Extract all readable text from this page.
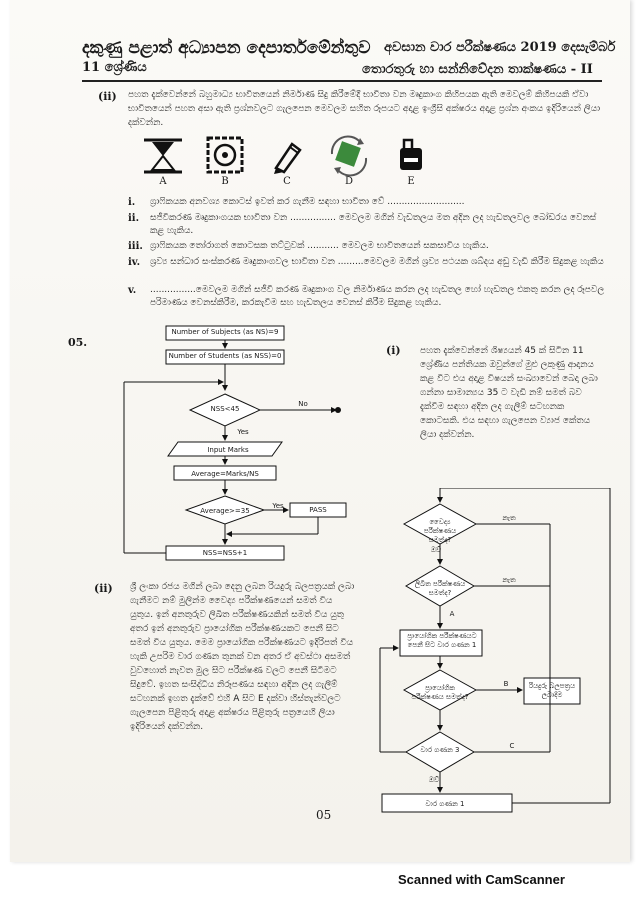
දකුණු පළාත් අධ්‍යාපන දෙපාර්තමේන්තුව
11 ශ්‍රේණිය
අවසාන වාර පරීක්ෂණය 2019 දෙසැම්බර්
තොරතුරු හා සන්නිවේදන තාක්ෂණය - II
(ii) පහත දැක්වෙන්නේ බහුමාධ්‍ය භාවිතයෙන් නිර්මාණ සිදු කිරීමේදී භාවිතා වන මෘදුකාංග කිහිපයක ඇති මෙවලම් කිහිපයකි ඒවා භාවිතයෙන් පහත අසා ඇති ප්‍රශ්නවලට ගැලපෙන මෙවලම සහිත රූපයට අදාළ ඉංග්‍රීසි අක්ෂරය අදාළ ප්‍රශ්න අංකය ඉදිරියෙන් ලියා දක්වන්න.
A	B	C	D	E
i. ග්‍රාෆිකයක අනවශ්‍ය කොටස් ඉවත් කර ගැනීම සඳහා භාවිතා වේ ...........................
ii. සජීවීකරණ මෘදුකාංගයක භාවිතා වන ................ මෙවලම මගින් වැඩතලය මත අදින ලද හැඩතලවල බෝඩරය වෙනස් කළ හැකිය.
iii. ග්‍රාෆිකයක තෝරාගත් කොටසක තට්ටුවක් ........... මෙවලම භාවිතයෙන් සකසාවිය හැකිය.
iv. ශ්‍රව්‍ය සන්ධාර සංස්කරණ මෘදුකාංගවල භාවිතා වන .........මෙවලම මගින් ශ්‍රව්‍ය පථයක ශබ්දය අඩු වැඩි කිරීම සිදුකළ හැකිය
v. ................මෙවලම මගින් සජීවී කරණ මෘදුකාංග වල නිර්මාණය කරන ලද හැඩතල හෝ හැඩතල එකතු කරන ලද රූපවල පරිමාණය වෙනස්කිරීම, කරකැවීම සහ හැඩතලය වෙනස් කිරීම සිදුකළ හැකිය.
05.
Number of Subjects (as NS)=9
Number of Students (as NSS)=0
NSS<45
No
Yes
Input Marks
Average=Marks/NS
Average>=35
Yes	PASS
NSS=NSS+1
(i) පහත දැක්වෙන්නේ ශිෂ්‍යයන් 45 ක් සිටින 11 ශ්‍රේණිය පන්තියක ඔවුන්ගේ මුළු ලකුණු ආදානය කළ විට එය අදාළ විෂයන් සංඛ්‍යාවෙන් බෙදා ලබා ගන්නා සාමාන්‍යය 35 ට වැඩි නම් සමත් බව දැක්වීම සඳහා අදින ලද ගැලීම් සටහනක කොටසකි. එය සඳහා ගැලපෙන ව්‍යාජ කේතය ලියා දක්වන්න.
වෛද්‍ය පරීක්ෂණය සමත්ද?
නැත
ඔව්
ලිඛිත පරීක්ෂණය සමත්ද?
නැත
A
ප්‍රායෝගික පරීක්ෂණයට පෙනී සිට වාර ගණන 1
ප්‍රායෝගික පරීක්ෂණය සමත්ද?
B	රියදුරු බලපත්‍රය ලබාදීම
වාර ගණන 3	C
ඔව්
වාර ගණන 1
(ii) ශ්‍රී ලංකා රජය මගින් ලබා දෙනු ලබන රියදුරු බලපත්‍රයක් ලබා ගැනීමට නම් මුලින්ම වෛද්‍ය පරීක්ෂණයෙන් සමත් විය යුතුය. ඉන් අනතුරුව ලිඛිත පරීක්ෂණයකින් සමත් විය යුතු අතර ඉන් අනතුරුව ප්‍රායෝගික පරීක්ෂණයකට පෙනී සිට සමත් විය යුතුය. මෙම ප්‍රායෝගික පරීක්ෂණයට ඉදිරිපත් විය හැකි උපරිම වාර ගණන තුනක් වන අතර ඒ අවස්ථා අසමත් වුවහොත් නැවත මුල සිට පරීක්ෂණ වලට පෙනී සිටීමට සිදුවේ. ඉහත සංසිද්ධිය නිරූපණය සඳහා අඳින ලද ගැලීම් සටහනක් ඉහත දැක්වේ එහි A සිට E දක්වා හිස්තැන්වලට ගැලපෙන පිළිතුරු අදාළ අක්ෂරය පිළිතුරු පත්‍රයෙහි ලියා ඉදිරියෙන් දක්වන්න.
05
Scanned with CamScanner
